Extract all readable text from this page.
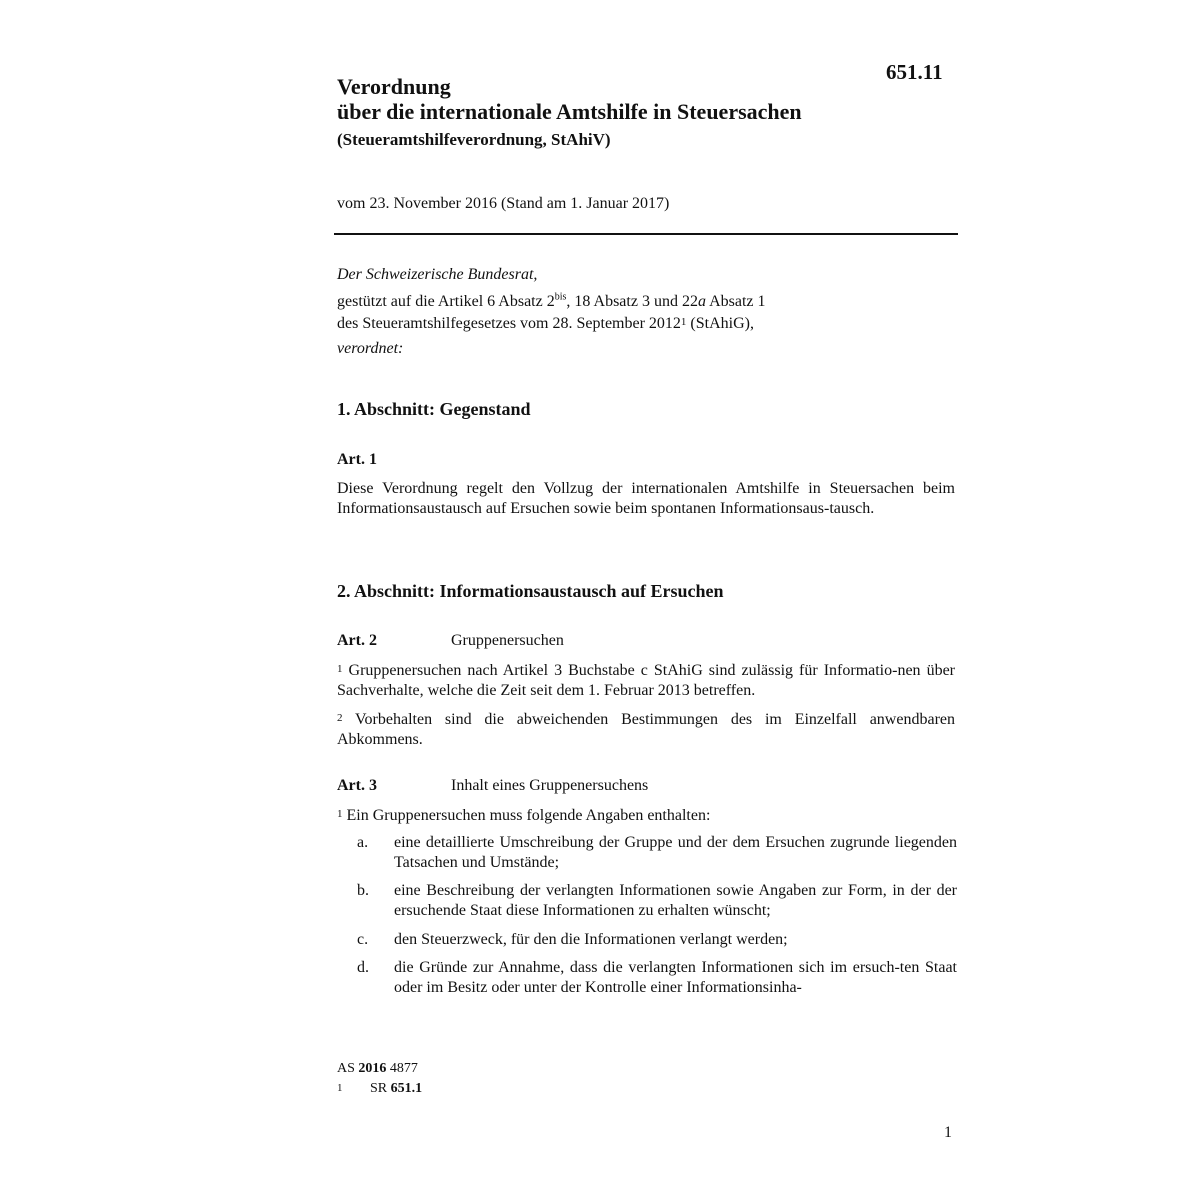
651.11
Verordnung
über die internationale Amtshilfe in Steuersachen
(Steueramtshilfeverordnung, StAhiV)
vom 23. November 2016 (Stand am 1. Januar 2017)
Der Schweizerische Bundesrat,
gestützt auf die Artikel 6 Absatz $2^{bis}$, 18 Absatz 3 und 22a Absatz 1
des Steueramtshilfegesetzes vom 28. September 20121 (StAhiG),
verordnet:
1. Abschnitt: Gegenstand
Art. 1
Diese Verordnung regelt den Vollzug der internationalen Amtshilfe in Steuersachen beim Informationsaustausch auf Ersuchen sowie beim spontanen Informationsaus-tausch.
2. Abschnitt: Informationsaustausch auf Ersuchen
Art. 2	Gruppenersuchen
1 Gruppenersuchen nach Artikel 3 Buchstabe c StAhiG sind zulässig für Informatio-nen über Sachverhalte, welche die Zeit seit dem 1. Februar 2013 betreffen.
2 Vorbehalten sind die abweichenden Bestimmungen des im Einzelfall anwendbaren Abkommens.
Art. 3	Inhalt eines Gruppenersuchens
1 Ein Gruppenersuchen muss folgende Angaben enthalten:
a.	eine detaillierte Umschreibung der Gruppe und der dem Ersuchen zugrunde liegenden Tatsachen und Umstände;
b.	eine Beschreibung der verlangten Informationen sowie Angaben zur Form, in der der ersuchende Staat diese Informationen zu erhalten wünscht;
c.	den Steuerzweck, für den die Informationen verlangt werden;
d.	die Gründe zur Annahme, dass die verlangten Informationen sich im ersuch-ten Staat oder im Besitz oder unter der Kontrolle einer Informationsinha-
AS 2016 4877
1 SR 651.1
1
